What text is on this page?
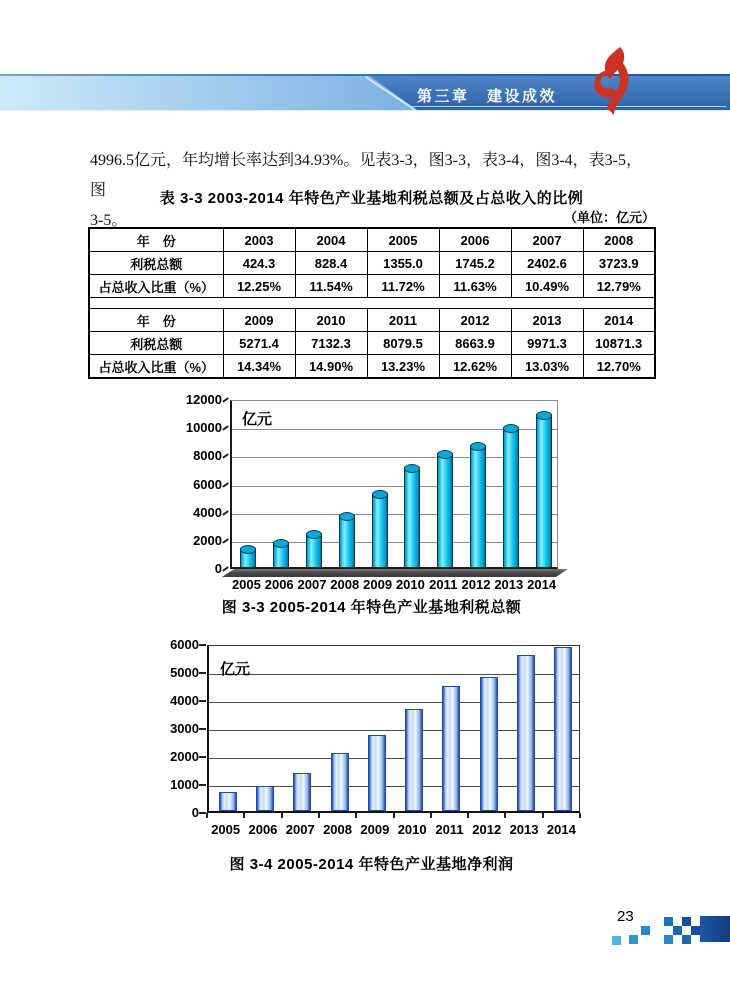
第三章　建设成效

4996.5亿元，年均增长率达到34.93%。见表3-3，图3-3，表3-4，图3-4，表3-5，图
3-5。

表 3-3 2003-2014 年特色产业基地利税总额及占总收入的比例
（单位：亿元）
年　份	2003	2004	2005	2006	2007	2008
利税总额	424.3	828.4	1355.0	1745.2	2402.6	3723.9
占总收入比重（%）	12.25%	11.54%	11.72%	11.63%	10.49%	12.79%

年　份	2009	2010	2011	2012	2013	2014
利税总额	5271.4	7132.3	8079.5	8663.9	9971.3	10871.3
占总收入比重（%）	14.34%	14.90%	13.23%	12.62%	13.03%	12.70%
0
2000
4000
6000
8000
10000
12000
2005 2006 2007 2008 2009 2010 2011 2012 2013 2014
亿元
图 3-3 2005-2014 年特色产业基地利税总额
0
1000
2000
3000
4000
5000
6000
2005 2006 2007 2008 2009 2010 2011 2012 2013 2014
亿元
图 3-4 2005-2014 年特色产业基地净利润
23
